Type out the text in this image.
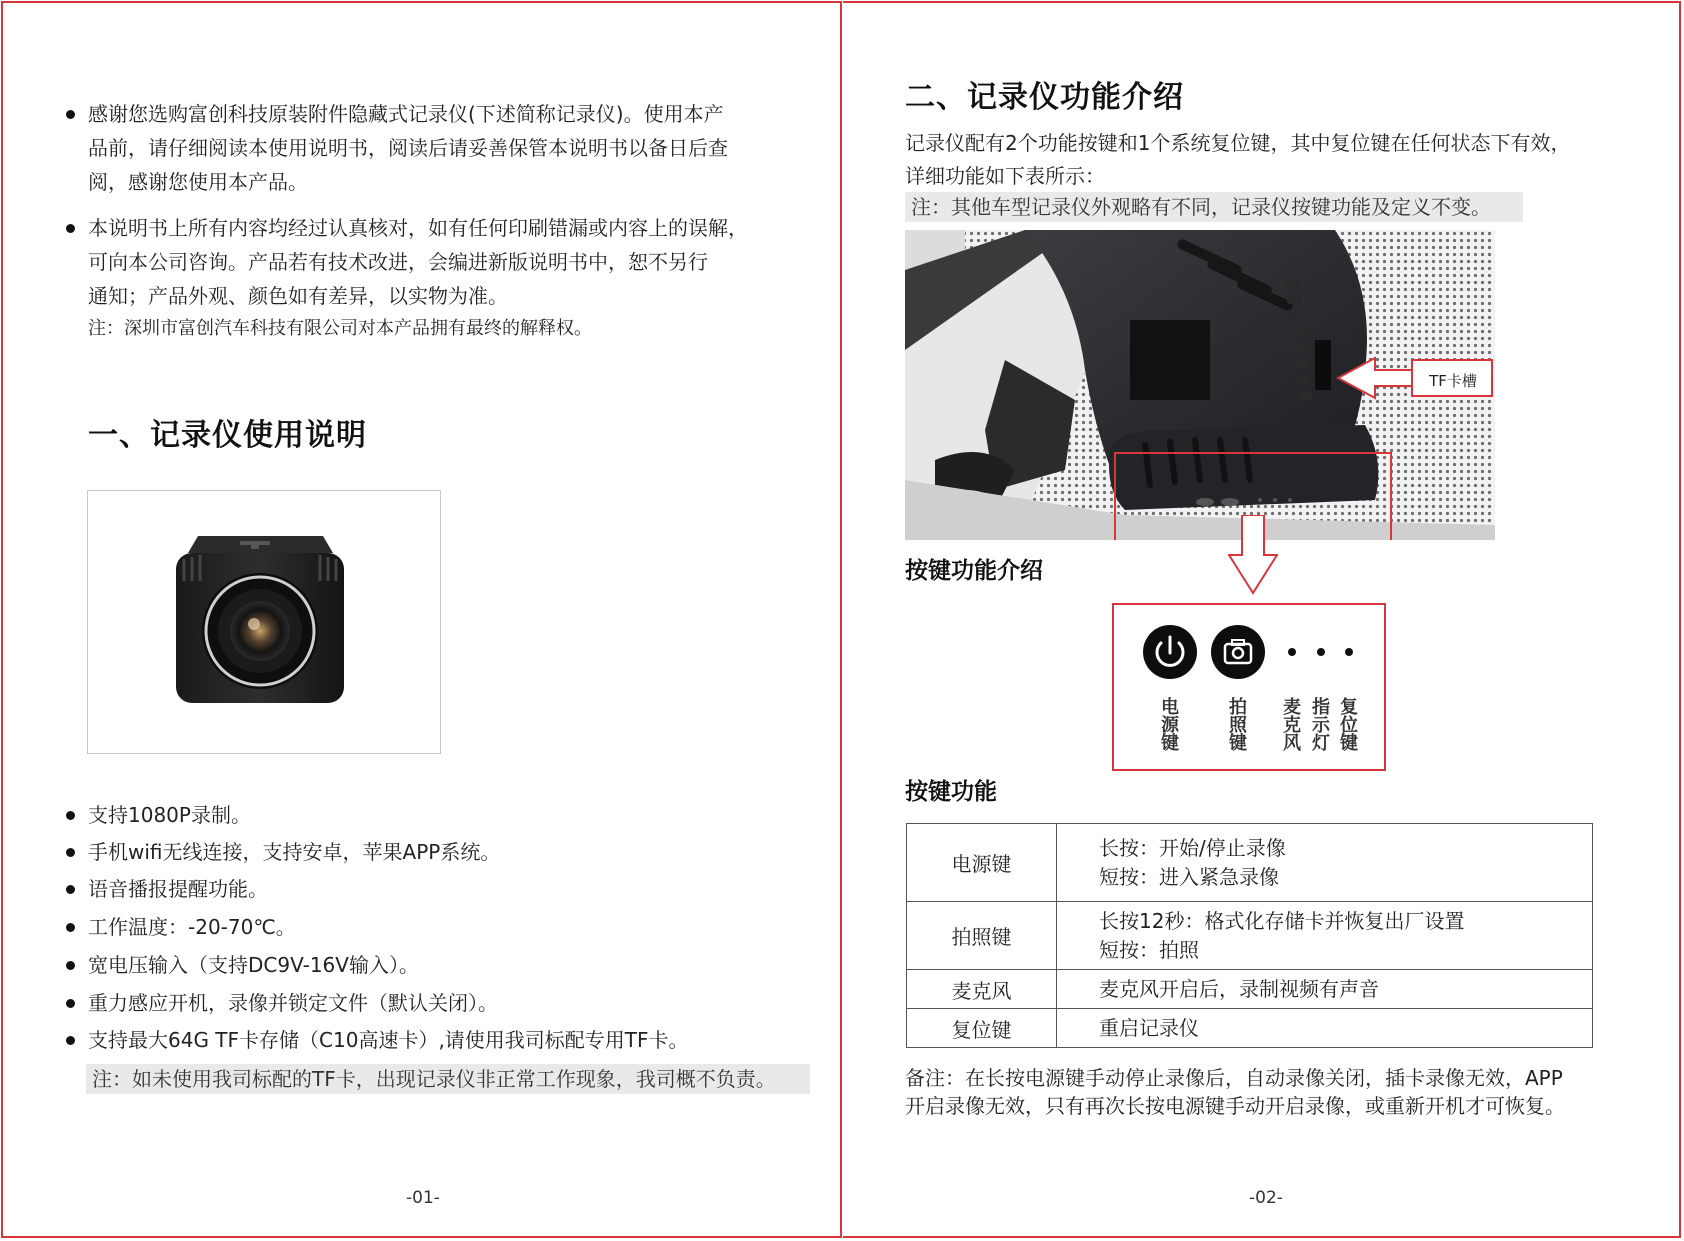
感谢您选购富创科技原装附件隐藏式记录仪(下述简称记录仪)。使用本产
品前，请仔细阅读本使用说明书，阅读后请妥善保管本说明书以备日后查
阅，感谢您使用本产品。
本说明书上所有内容均经过认真核对，如有任何印刷错漏或内容上的误解，
可向本公司咨询。产品若有技术改进，会编进新版说明书中，恕不另行
通知；产品外观、颜色如有差异，以实物为准。
注：深圳市富创汽车科技有限公司对本产品拥有最终的解释权。
一、记录仪使用说明
支持1080P录制。
手机wifi无线连接，支持安卓，苹果APP系统。
语音播报提醒功能。
工作温度：-20-70℃。
宽电压输入（支持DC9V-16V输入）。
重力感应开机，录像并锁定文件（默认关闭）。
支持最大64G TF卡存储（C10高速卡）,请使用我司标配专用TF卡。
注：如未使用我司标配的TF卡，出现记录仪非正常工作现象，我司概不负责。
-01-
二、记录仪功能介绍
记录仪配有2个功能按键和1个系统复位键，其中复位键在任何状态下有效，
详细功能如下表所示：
注：其他车型记录仪外观略有不同，记录仪按键功能及定义不变。
TF卡槽
按键功能介绍
电
源
键
拍
照
键
麦
克
风
指
示
灯
复
位
键
按键功能
电源键	长按：开始/停止录像
短按：进入紧急录像

拍照键	长按12秒：格式化存储卡并恢复出厂设置
短按：拍照

麦克风	麦克风开启后，录制视频有声音

复位键	重启记录仪
备注：在长按电源键手动停止录像后，自动录像关闭，插卡录像无效，APP
开启录像无效，只有再次长按电源键手动开启录像，或重新开机才可恢复。
-02-
